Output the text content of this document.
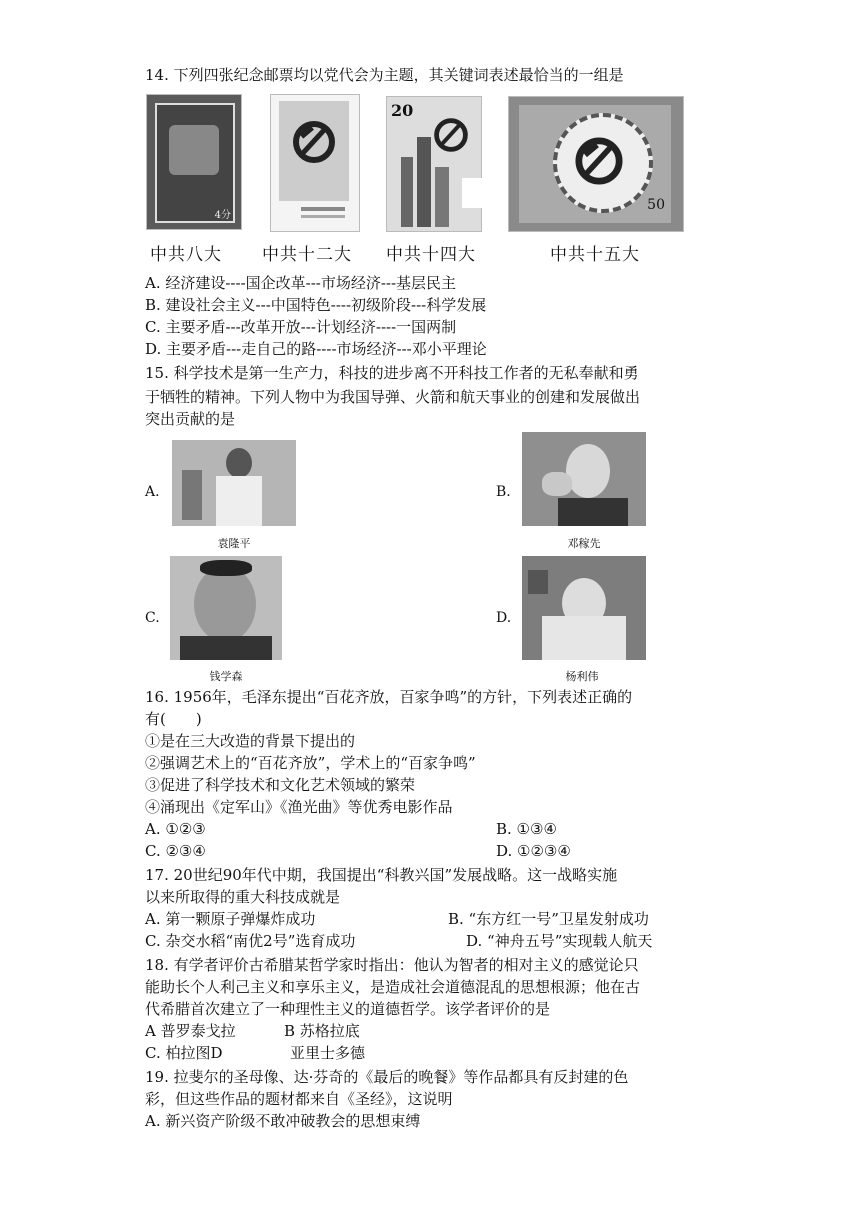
14. 下列四张纪念邮票均以党代会为主题，其关键词表述最恰当的一组是
4分
20
50
中共八大 中共十二大 中共十四大	中共十五大
A. 经济建设----国企改革---市场经济---基层民主
B. 建设社会主义---中国特色----初级阶段---科学发展
C. 主要矛盾---改革开放---计划经济----一国两制
D. 主要矛盾---走自己的路----市场经济---邓小平理论
15. 科学技术是第一生产力，科技的进步离不开科技工作者的无私奉献和勇
于牺牲的精神。下列人物中为我国导弹、火箭和航天事业的创建和发展做出
突出贡献的是
A.
袁隆平
B.
邓稼先
C.
钱学森
D.
杨利伟
16. 1956年，毛泽东提出“百花齐放，百家争鸣”的方针，下列表述正确的
有(　　)
①是在三大改造的背景下提出的
②强调艺术上的“百花齐放”，学术上的“百家争鸣”
③促进了科学技术和文化艺术领域的繁荣
④涌现出《定军山》《渔光曲》等优秀电影作品
A. ①②③	B. ①③④
C. ②③④	D. ①②③④
17. 20世纪90年代中期，我国提出“科教兴国”发展战略。这一战略实施
以来所取得的重大科技成就是
A. 第一颗原子弹爆炸成功	B. “东方红一号”卫星发射成功
C. 杂交水稻“南优2号”选育成功	D. “神舟五号”实现载人航天
18. 有学者评价古希腊某哲学家时指出：他认为智者的相对主义的感觉论只
能助长个人利己主义和享乐主义，是造成社会道德混乱的思想根源；他在古
代希腊首次建立了一种理性主义的道德哲学。该学者评价的是
A 普罗泰戈拉	B 苏格拉底
C. 柏拉图D	亚里士多德
19. 拉斐尔的圣母像、达·芬奇的《最后的晚餐》等作品都具有反封建的色
彩，但这些作品的题材都来自《圣经》，这说明
A. 新兴资产阶级不敢冲破教会的思想束缚
